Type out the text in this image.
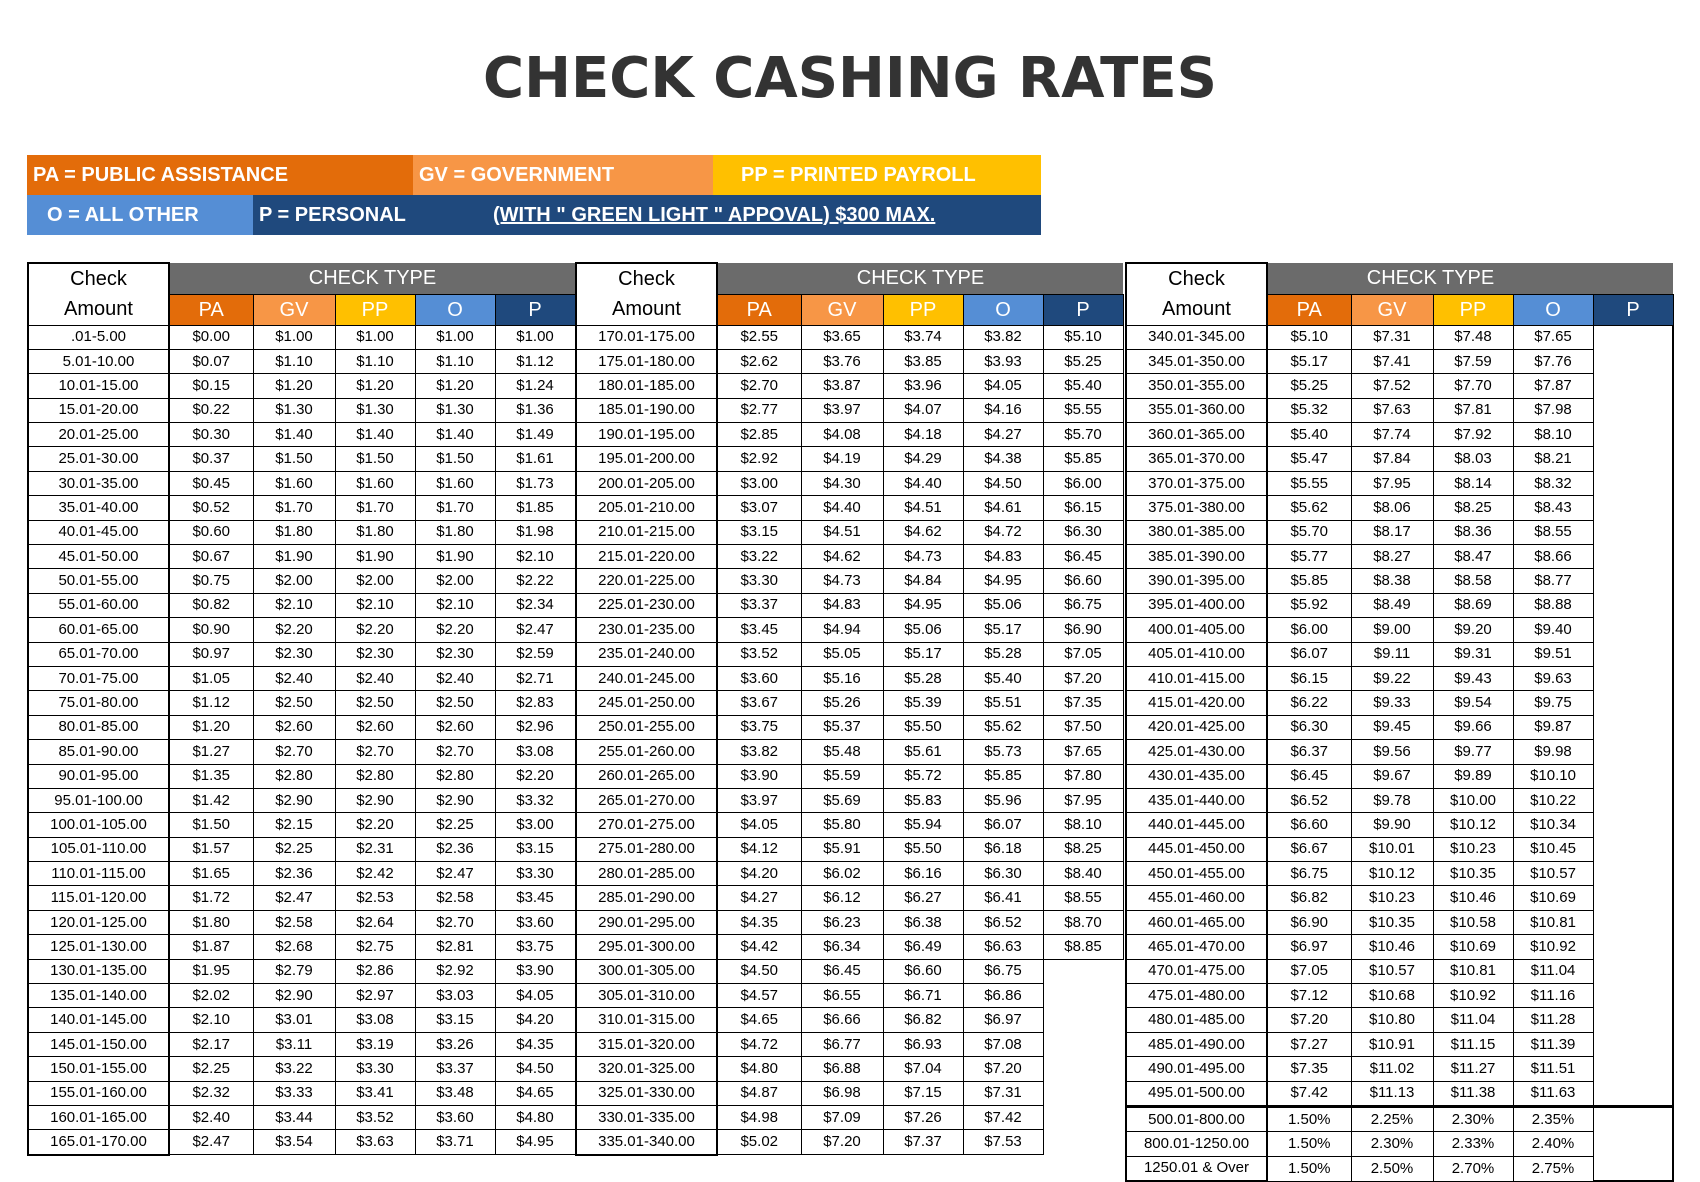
CHECK CASHING RATES
PA = PUBLIC ASSISTANCE	GV = GOVERNMENT	PP = PRINTED PAYROLL
O = ALL OTHER	P = PERSONAL	(WITH " GREEN LIGHT " APPOVAL) $300 MAX.
Check	CHECK TYPE				
Amount	PA	GV	PP	O	P
.01-5.00	$0.00	$1.00	$1.00	$1.00	$1.00
5.01-10.00	$0.07	$1.10	$1.10	$1.10	$1.12
10.01-15.00	$0.15	$1.20	$1.20	$1.20	$1.24
15.01-20.00	$0.22	$1.30	$1.30	$1.30	$1.36
20.01-25.00	$0.30	$1.40	$1.40	$1.40	$1.49
25.01-30.00	$0.37	$1.50	$1.50	$1.50	$1.61
30.01-35.00	$0.45	$1.60	$1.60	$1.60	$1.73
35.01-40.00	$0.52	$1.70	$1.70	$1.70	$1.85
40.01-45.00	$0.60	$1.80	$1.80	$1.80	$1.98
45.01-50.00	$0.67	$1.90	$1.90	$1.90	$2.10
50.01-55.00	$0.75	$2.00	$2.00	$2.00	$2.22
55.01-60.00	$0.82	$2.10	$2.10	$2.10	$2.34
60.01-65.00	$0.90	$2.20	$2.20	$2.20	$2.47
65.01-70.00	$0.97	$2.30	$2.30	$2.30	$2.59
70.01-75.00	$1.05	$2.40	$2.40	$2.40	$2.71
75.01-80.00	$1.12	$2.50	$2.50	$2.50	$2.83
80.01-85.00	$1.20	$2.60	$2.60	$2.60	$2.96
85.01-90.00	$1.27	$2.70	$2.70	$2.70	$3.08
90.01-95.00	$1.35	$2.80	$2.80	$2.80	$2.20
95.01-100.00	$1.42	$2.90	$2.90	$2.90	$3.32
100.01-105.00	$1.50	$2.15	$2.20	$2.25	$3.00
105.01-110.00	$1.57	$2.25	$2.31	$2.36	$3.15
110.01-115.00	$1.65	$2.36	$2.42	$2.47	$3.30
115.01-120.00	$1.72	$2.47	$2.53	$2.58	$3.45
120.01-125.00	$1.80	$2.58	$2.64	$2.70	$3.60
125.01-130.00	$1.87	$2.68	$2.75	$2.81	$3.75
130.01-135.00	$1.95	$2.79	$2.86	$2.92	$3.90
135.01-140.00	$2.02	$2.90	$2.97	$3.03	$4.05
140.01-145.00	$2.10	$3.01	$3.08	$3.15	$4.20
145.01-150.00	$2.17	$3.11	$3.19	$3.26	$4.35
150.01-155.00	$2.25	$3.22	$3.30	$3.37	$4.50
155.01-160.00	$2.32	$3.33	$3.41	$3.48	$4.65
160.01-165.00	$2.40	$3.44	$3.52	$3.60	$4.80
165.01-170.00	$2.47	$3.54	$3.63	$3.71	$4.95
Check	CHECK TYPE				
Amount	PA	GV	PP	O	P
170.01-175.00	$2.55	$3.65	$3.74	$3.82	$5.10
175.01-180.00	$2.62	$3.76	$3.85	$3.93	$5.25
180.01-185.00	$2.70	$3.87	$3.96	$4.05	$5.40
185.01-190.00	$2.77	$3.97	$4.07	$4.16	$5.55
190.01-195.00	$2.85	$4.08	$4.18	$4.27	$5.70
195.01-200.00	$2.92	$4.19	$4.29	$4.38	$5.85
200.01-205.00	$3.00	$4.30	$4.40	$4.50	$6.00
205.01-210.00	$3.07	$4.40	$4.51	$4.61	$6.15
210.01-215.00	$3.15	$4.51	$4.62	$4.72	$6.30
215.01-220.00	$3.22	$4.62	$4.73	$4.83	$6.45
220.01-225.00	$3.30	$4.73	$4.84	$4.95	$6.60
225.01-230.00	$3.37	$4.83	$4.95	$5.06	$6.75
230.01-235.00	$3.45	$4.94	$5.06	$5.17	$6.90
235.01-240.00	$3.52	$5.05	$5.17	$5.28	$7.05
240.01-245.00	$3.60	$5.16	$5.28	$5.40	$7.20
245.01-250.00	$3.67	$5.26	$5.39	$5.51	$7.35
250.01-255.00	$3.75	$5.37	$5.50	$5.62	$7.50
255.01-260.00	$3.82	$5.48	$5.61	$5.73	$7.65
260.01-265.00	$3.90	$5.59	$5.72	$5.85	$7.80
265.01-270.00	$3.97	$5.69	$5.83	$5.96	$7.95
270.01-275.00	$4.05	$5.80	$5.94	$6.07	$8.10
275.01-280.00	$4.12	$5.91	$5.50	$6.18	$8.25
280.01-285.00	$4.20	$6.02	$6.16	$6.30	$8.40
285.01-290.00	$4.27	$6.12	$6.27	$6.41	$8.55
290.01-295.00	$4.35	$6.23	$6.38	$6.52	$8.70
295.01-300.00	$4.42	$6.34	$6.49	$6.63	$8.85
300.01-305.00	$4.50	$6.45	$6.60	$6.75	
305.01-310.00	$4.57	$6.55	$6.71	$6.86	
310.01-315.00	$4.65	$6.66	$6.82	$6.97	
315.01-320.00	$4.72	$6.77	$6.93	$7.08	
320.01-325.00	$4.80	$6.88	$7.04	$7.20	
325.01-330.00	$4.87	$6.98	$7.15	$7.31	
330.01-335.00	$4.98	$7.09	$7.26	$7.42	
335.01-340.00	$5.02	$7.20	$7.37	$7.53	
Check	CHECK TYPE				
Amount	PA	GV	PP	O	P
340.01-345.00	$5.10	$7.31	$7.48	$7.65	
345.01-350.00	$5.17	$7.41	$7.59	$7.76	
350.01-355.00	$5.25	$7.52	$7.70	$7.87	
355.01-360.00	$5.32	$7.63	$7.81	$7.98	
360.01-365.00	$5.40	$7.74	$7.92	$8.10	
365.01-370.00	$5.47	$7.84	$8.03	$8.21	
370.01-375.00	$5.55	$7.95	$8.14	$8.32	
375.01-380.00	$5.62	$8.06	$8.25	$8.43	
380.01-385.00	$5.70	$8.17	$8.36	$8.55	
385.01-390.00	$5.77	$8.27	$8.47	$8.66	
390.01-395.00	$5.85	$8.38	$8.58	$8.77	
395.01-400.00	$5.92	$8.49	$8.69	$8.88	
400.01-405.00	$6.00	$9.00	$9.20	$9.40	
405.01-410.00	$6.07	$9.11	$9.31	$9.51	
410.01-415.00	$6.15	$9.22	$9.43	$9.63	
415.01-420.00	$6.22	$9.33	$9.54	$9.75	
420.01-425.00	$6.30	$9.45	$9.66	$9.87	
425.01-430.00	$6.37	$9.56	$9.77	$9.98	
430.01-435.00	$6.45	$9.67	$9.89	$10.10	
435.01-440.00	$6.52	$9.78	$10.00	$10.22	
440.01-445.00	$6.60	$9.90	$10.12	$10.34	
445.01-450.00	$6.67	$10.01	$10.23	$10.45	
450.01-455.00	$6.75	$10.12	$10.35	$10.57	
455.01-460.00	$6.82	$10.23	$10.46	$10.69	
460.01-465.00	$6.90	$10.35	$10.58	$10.81	
465.01-470.00	$6.97	$10.46	$10.69	$10.92	
470.01-475.00	$7.05	$10.57	$10.81	$11.04	
475.01-480.00	$7.12	$10.68	$10.92	$11.16	
480.01-485.00	$7.20	$10.80	$11.04	$11.28	
485.01-490.00	$7.27	$10.91	$11.15	$11.39	
490.01-495.00	$7.35	$11.02	$11.27	$11.51	
495.01-500.00	$7.42	$11.13	$11.38	$11.63	
500.01-800.00	1.50%	2.25%	2.30%	2.35%	
800.01-1250.00	1.50%	2.30%	2.33%	2.40%	
1250.01 & Over	1.50%	2.50%	2.70%	2.75%	
